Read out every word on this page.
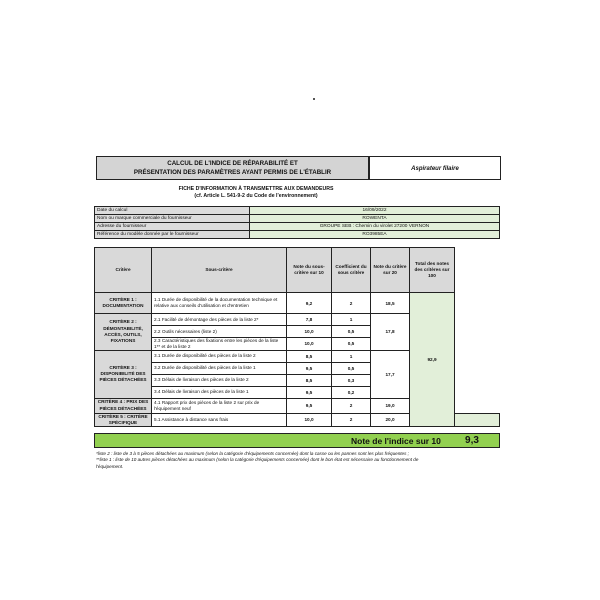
CALCUL DE L'INDICE DE RÉPARABILITÉ ET
PRÉSENTATION DES PARAMÈTRES AYANT PERMIS DE L'ÉTABLIR	Aspirateur filaire
FICHE D'INFORMATION À TRANSMETTRE AUX DEMANDEURS
(cf. Article L. 541-9-2 du Code de l'environnement)
Date du calcul	16/09/2022
Nom ou marque commerciale du fournisseur	ROWENTA
Adresse du fournisseur	GROUPE SEB : Chemin du virolet 27200 VERNON
Référence du modèle donnée par le fournisseur	RO3985EA
Critère	Sous-critère	Note du sous-critère sur 10	Coefficient du sous critère	Note du critère sur 20	Total des notes des critères sur 100	
CRITÈRE 1 : DOCUMENTATION	1.1 Durée de disponibilité de la documentation technique et relative aux conseils d'utilisation et d'entretien	9,2	2	18,5	92,9	
CRITÈRE 2 : DÉMONTABILITÉ, ACCÈS, OUTILS, FIXATIONS	2.1 Facilité de démontage des pièces de la liste 2*	7,8	1	17,8		
	2.2 Outils nécessaires (liste 2)	10,0	0,5			
	2.3 Caractéristiques des fixations entre les pièces de la liste 1** et de la liste 2	10,0	0,5			
CRITÈRE 3 : DISPONIBILITÉ DES PIÈCES DÉTACHÉES	3.1 Durée de disponibilité des pièces de la liste 2	8,5	1	17,7		
	3.2 Durée de disponibilité des pièces de la liste 1	9,5	0,5			
	3.3 Délais de livraison des pièces de la liste 2	8,5	0,3			
	3.4 Délais de livraison des pièces de la liste 1	9,5	0,2			
CRITÈRE 4 : PRIX DES PIÈCES DÉTACHÉES	4.1 Rapport prix des pièces de la liste 2 sur prix de l'équipement neuf	9,5	2	19,0		
CRITÈRE 5 : CRITÈRE SPÉCIFIQUE	5.1 Assistance à distance sans frais	10,0	2	20,0		
Note de l'indice sur 10	9,3
*liste 2 : liste de 3 à 5 pièces détachées au maximum (selon la catégorie d'équipements concernée) dont la casse ou les pannes sont les plus fréquentes ;
**liste 1 : liste de 10 autres pièces détachées au maximum (selon la catégorie d'équipements concernée) dont le bon état est nécessaire au fonctionnement de
l'équipement.
